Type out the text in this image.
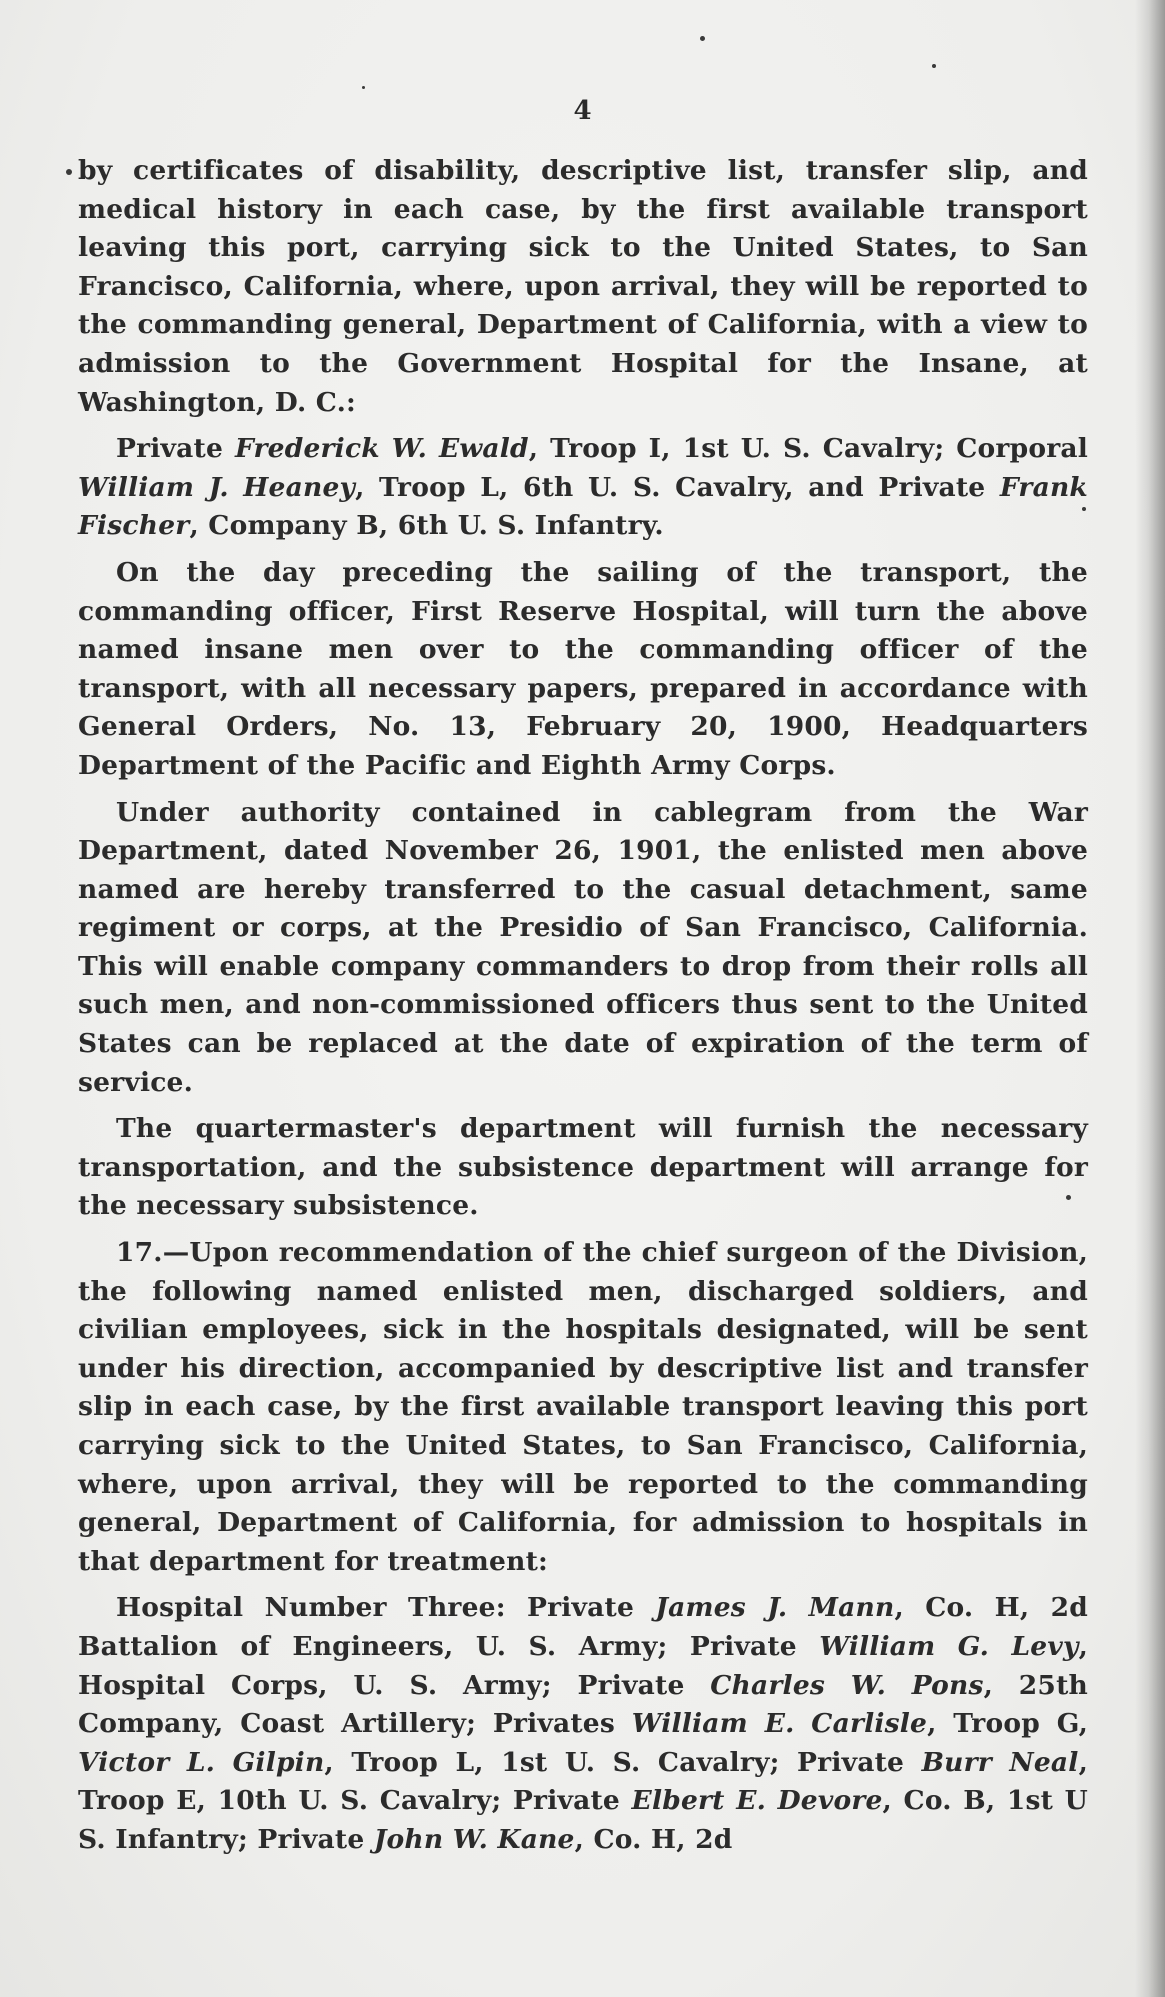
4

by certificates of disability, descriptive list, transfer slip, and medical history in each case, by the first available transport leaving this port, carrying sick to the United States, to San Francisco, California, where, upon arrival, they will be reported to the commanding general, Department of California, with a view to admission to the Government Hospital for the Insane, at Washington, D. C.:

Private Frederick W. Ewald, Troop I, 1st U. S. Cavalry; Corporal William J. Heaney, Troop L, 6th U. S. Cavalry, and Private Frank Fischer, Company B, 6th U. S. Infantry.

On the day preceding the sailing of the transport, the commanding officer, First Reserve Hospital, will turn the above named insane men over to the commanding officer of the transport, with all necessary papers, prepared in accordance with General Orders, No. 13, February 20, 1900, Headquarters Department of the Pacific and Eighth Army Corps.

Under authority contained in cablegram from the War Department, dated November 26, 1901, the enlisted men above named are hereby transferred to the casual detachment, same regiment or corps, at the Presidio of San Francisco, California. This will enable company commanders to drop from their rolls all such men, and non-commissioned officers thus sent to the United States can be replaced at the date of expiration of the term of service.

The quartermaster's department will furnish the necessary transportation, and the subsistence department will arrange for the necessary subsistence.

17.—Upon recommendation of the chief surgeon of the Division, the following named enlisted men, discharged soldiers, and civilian employees, sick in the hospitals designated, will be sent under his direction, accompanied by descriptive list and transfer slip in each case, by the first available transport leaving this port carrying sick to the United States, to San Francisco, California, where, upon arrival, they will be reported to the commanding general, Department of California, for admission to hospitals in that department for treatment:

Hospital Number Three: Private James J. Mann, Co. H, 2d Battalion of Engineers, U. S. Army; Private William G. Levy, Hospital Corps, U. S. Army; Private Charles W. Pons, 25th Company, Coast Artillery; Privates William E. Carlisle, Troop G, Victor L. Gilpin, Troop L, 1st U. S. Cavalry; Private Burr Neal, Troop E, 10th U. S. Cavalry; Private Elbert E. Devore, Co. B, 1st U S. Infantry; Private John W. Kane, Co. H, 2d
